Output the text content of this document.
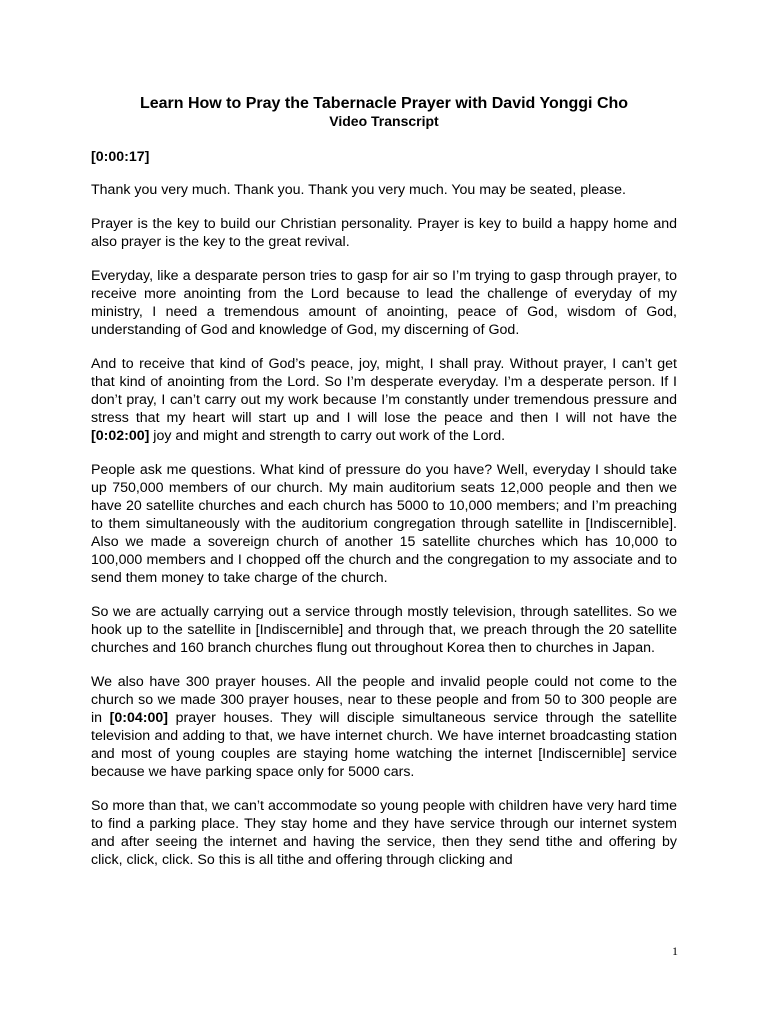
Learn How to Pray the Tabernacle Prayer with David Yonggi Cho
Video Transcript

[0:00:17]

Thank you very much. Thank you. Thank you very much. You may be seated, please.

Prayer is the key to build our Christian personality. Prayer is key to build a happy home and also prayer is the key to the great revival.

Everyday, like a desparate person tries to gasp for air so I’m trying to gasp through prayer, to receive more anointing from the Lord because to lead the challenge of everyday of my ministry, I need a tremendous amount of anointing, peace of God, wisdom of God, understanding of God and knowledge of God, my discerning of God.

And to receive that kind of God’s peace, joy, might, I shall pray. Without prayer, I can’t get that kind of anointing from the Lord. So I’m desperate everyday. I’m a desperate person. If I don’t pray, I can’t carry out my work because I’m constantly under tremendous pressure and stress that my heart will start up and I will lose the peace and then I will not have the [0:02:00] joy and might and strength to carry out work of the Lord.

People ask me questions. What kind of pressure do you have? Well, everyday I should take up 750,000 members of our church. My main auditorium seats 12,000 people and then we have 20 satellite churches and each church has 5000 to 10,000 members; and I’m preaching to them simultaneously with the auditorium congregation through satellite in [Indiscernible]. Also we made a sovereign church of another 15 satellite churches which has 10,000 to 100,000 members and I chopped off the church and the congregation to my associate and to send them money to take charge of the church.

So we are actually carrying out a service through mostly television, through satellites. So we hook up to the satellite in [Indiscernible] and through that, we preach through the 20 satellite churches and 160 branch churches flung out throughout Korea then to churches in Japan.

We also have 300 prayer houses. All the people and invalid people could not come to the church so we made 300 prayer houses, near to these people and from 50 to 300 people are in [0:04:00] prayer houses. They will disciple simultaneous service through the satellite television and adding to that, we have internet church. We have internet broadcasting station and most of young couples are staying home watching the internet [Indiscernible] service because we have parking space only for 5000 cars.

So more than that, we can’t accommodate so young people with children have very hard time to find a parking place. They stay home and they have service through our internet system and after seeing the internet and having the service, then they send tithe and offering by click, click, click. So this is all tithe and offering through clicking and

1
